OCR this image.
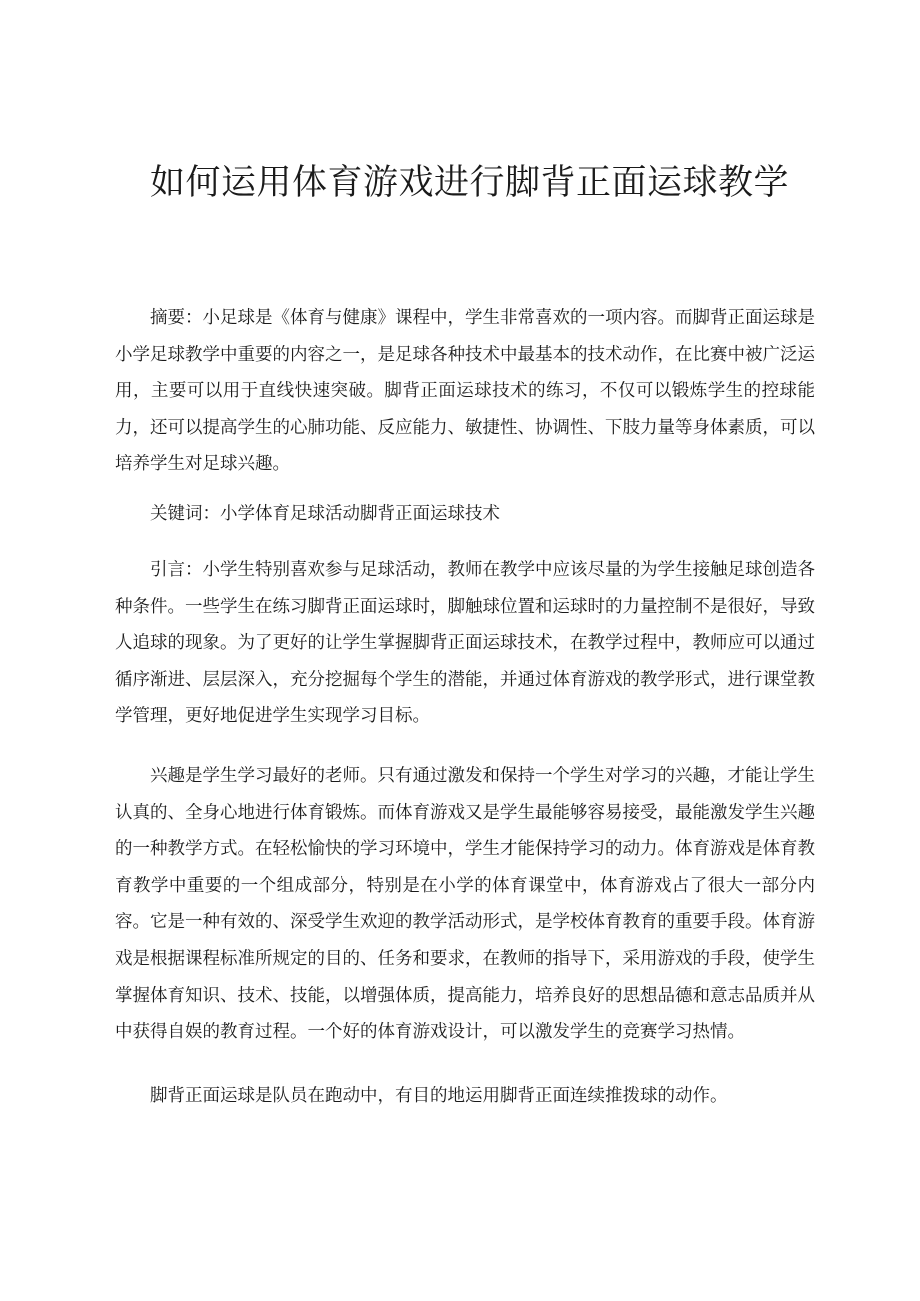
如何运用体育游戏进行脚背正面运球教学

摘要：小足球是《体育与健康》课程中，学生非常喜欢的一项内容。而脚背正面运球是小学足球教学中重要的内容之一，是足球各种技术中最基本的技术动作，在比赛中被广泛运用，主要可以用于直线快速突破。脚背正面运球技术的练习，不仅可以锻炼学生的控球能力，还可以提高学生的心肺功能、反应能力、敏捷性、协调性、下肢力量等身体素质，可以培养学生对足球兴趣。

关键词：小学体育足球活动脚背正面运球技术

引言：小学生特别喜欢参与足球活动，教师在教学中应该尽量的为学生接触足球创造各种条件。一些学生在练习脚背正面运球时，脚触球位置和运球时的力量控制不是很好，导致人追球的现象。为了更好的让学生掌握脚背正面运球技术，在教学过程中，教师应可以通过循序渐进、层层深入，充分挖掘每个学生的潜能，并通过体育游戏的教学形式，进行课堂教学管理，更好地促进学生实现学习目标。

兴趣是学生学习最好的老师。只有通过激发和保持一个学生对学习的兴趣，才能让学生认真的、全身心地进行体育锻炼。而体育游戏又是学生最能够容易接受，最能激发学生兴趣的一种教学方式。在轻松愉快的学习环境中，学生才能保持学习的动力。体育游戏是体育教育教学中重要的一个组成部分，特别是在小学的体育课堂中，体育游戏占了很大一部分内容。它是一种有效的、深受学生欢迎的教学活动形式，是学校体育教育的重要手段。体育游戏是根据课程标准所规定的目的、任务和要求，在教师的指导下，采用游戏的手段，使学生掌握体育知识、技术、技能，以增强体质，提高能力，培养良好的思想品德和意志品质并从中获得自娱的教育过程。一个好的体育游戏设计，可以激发学生的竞赛学习热情。

脚背正面运球是队员在跑动中，有目的地运用脚背正面连续推拨球的动作。
